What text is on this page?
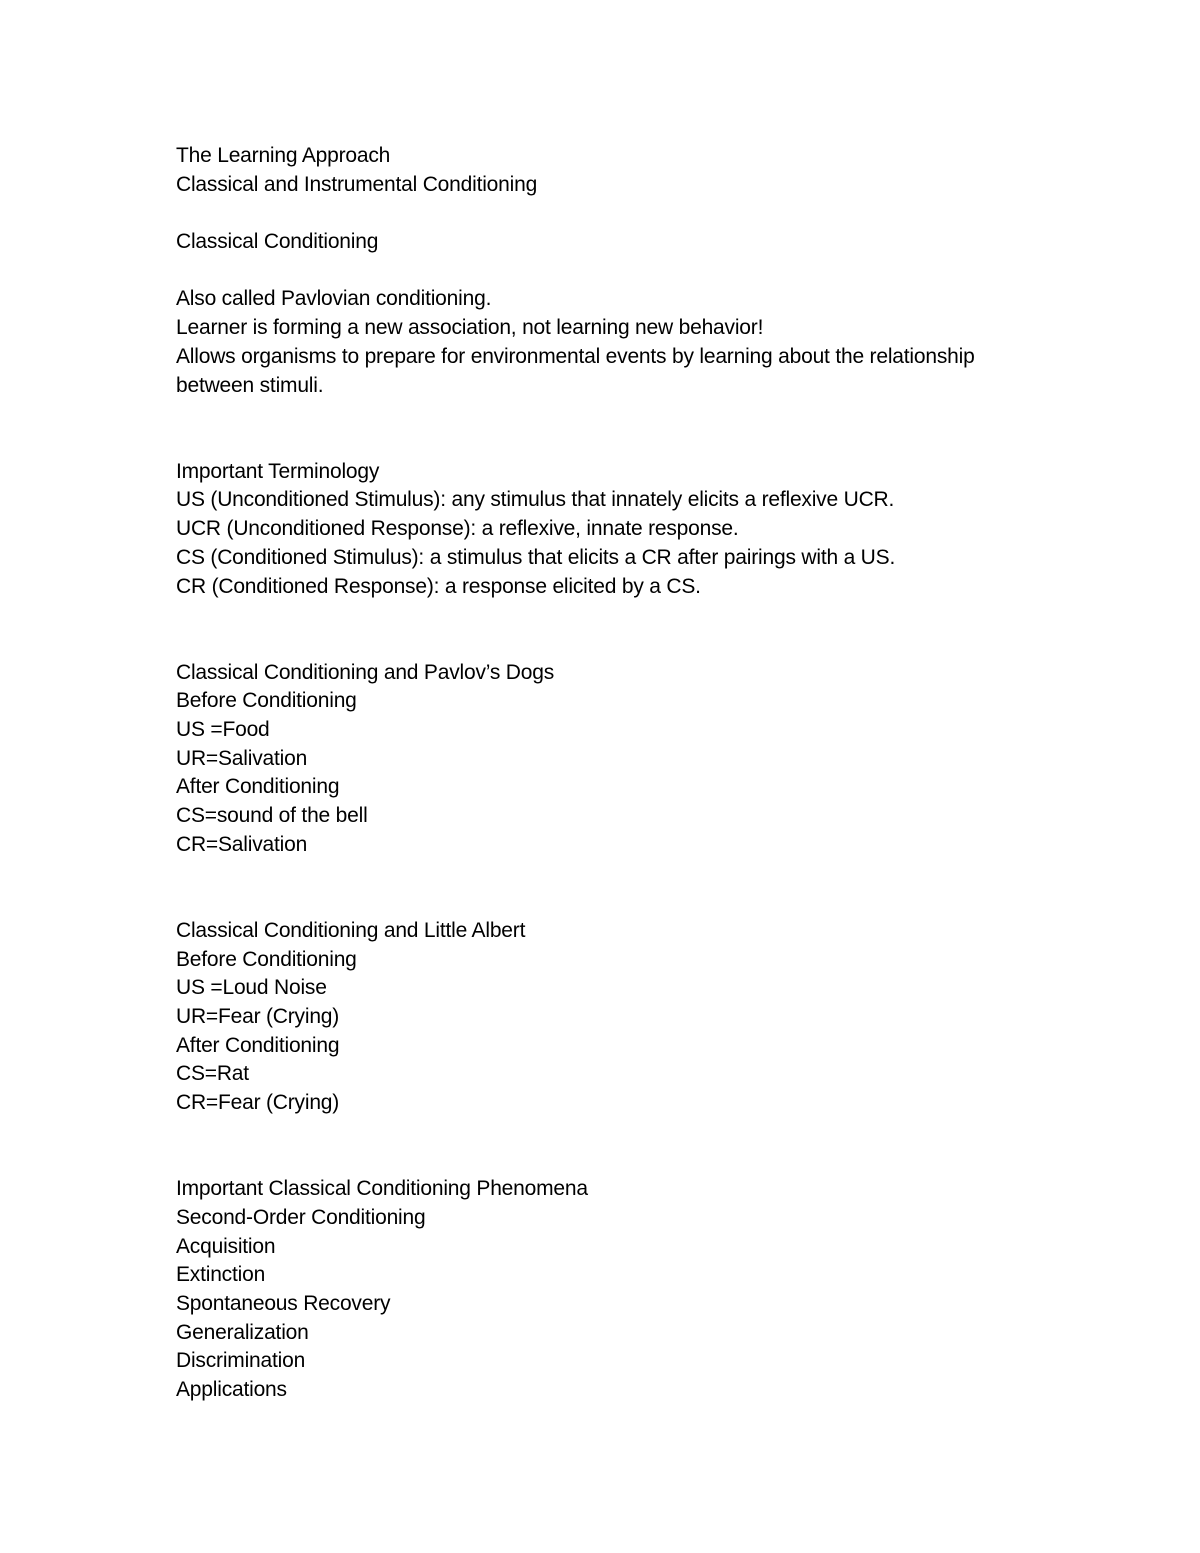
The Learning Approach
Classical and Instrumental Conditioning
Classical Conditioning
Also called Pavlovian conditioning.
Learner is forming a new association, not learning new behavior!
Allows organisms to prepare for environmental events by learning about the relationship
between stimuli.
Important Terminology
US (Unconditioned Stimulus): any stimulus that innately elicits a reflexive UCR.
UCR (Unconditioned Response): a reflexive, innate response.
CS (Conditioned Stimulus): a stimulus that elicits a CR after pairings with a US.
CR (Conditioned Response): a response elicited by a CS.
Classical Conditioning and Pavlov’s Dogs
Before Conditioning
US =Food
UR=Salivation
After Conditioning
CS=sound of the bell
CR=Salivation
Classical Conditioning and Little Albert
Before Conditioning
US =Loud Noise
UR=Fear (Crying)
After Conditioning
CS=Rat
CR=Fear (Crying)
Important Classical Conditioning Phenomena
Second-Order Conditioning
Acquisition
Extinction
Spontaneous Recovery
Generalization
Discrimination
Applications
